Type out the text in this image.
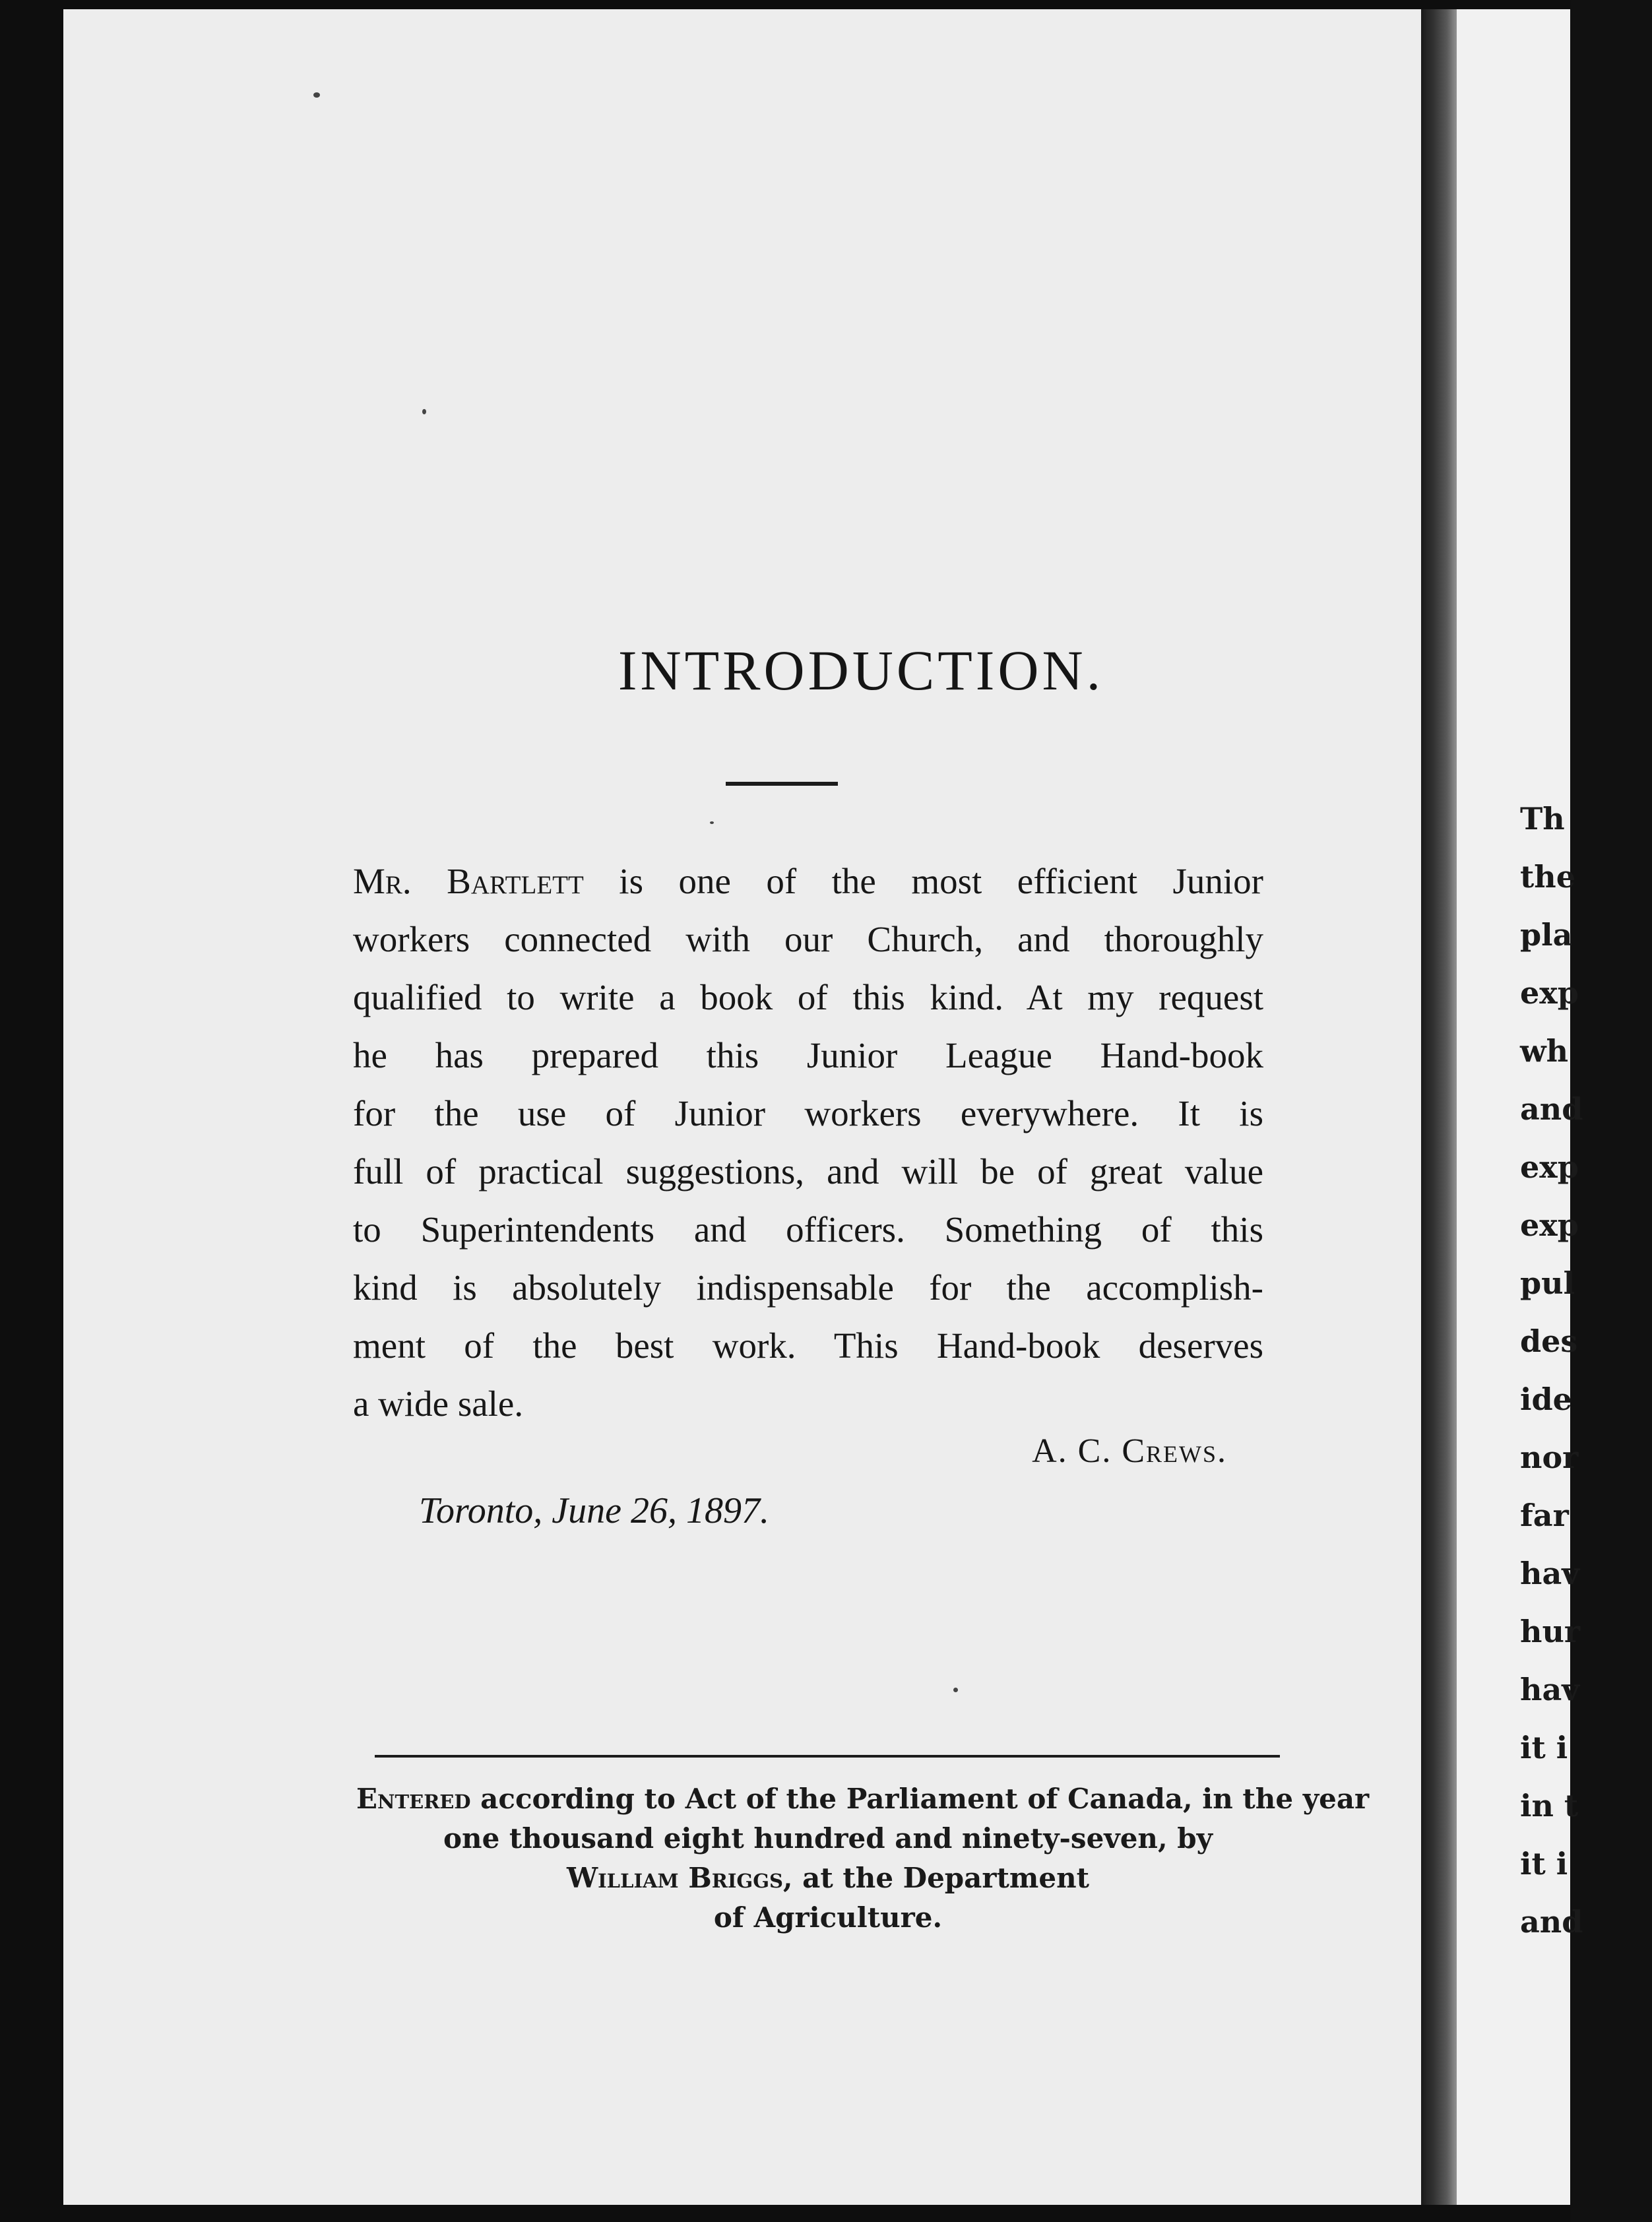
INTRODUCTION.
Mr. Bartlett is one of the most efficient Junior
workers connected with our Church, and thoroughly
qualified to write a book of this kind. At my request
he has prepared this Junior League Hand-book
for the use of Junior workers everywhere. It is
full of practical suggestions, and will be of great value
to Superintendents and officers. Something of this
kind is absolutely indispensable for the accomplish-
ment of the best work. This Hand-book deserves
a wide sale.
A. C. Crews.
Toronto, June 26, 1897.
Entered according to Act of the Parliament of Canada, in the year
one thousand eight hundred and ninety-seven, by
William Briggs, at the Department
of Agriculture.
Th
the
pla
exp
wh
and
exp
exp
pul
des
ide
nor
far
hav
hur
hav
it i
in t
it i
and
